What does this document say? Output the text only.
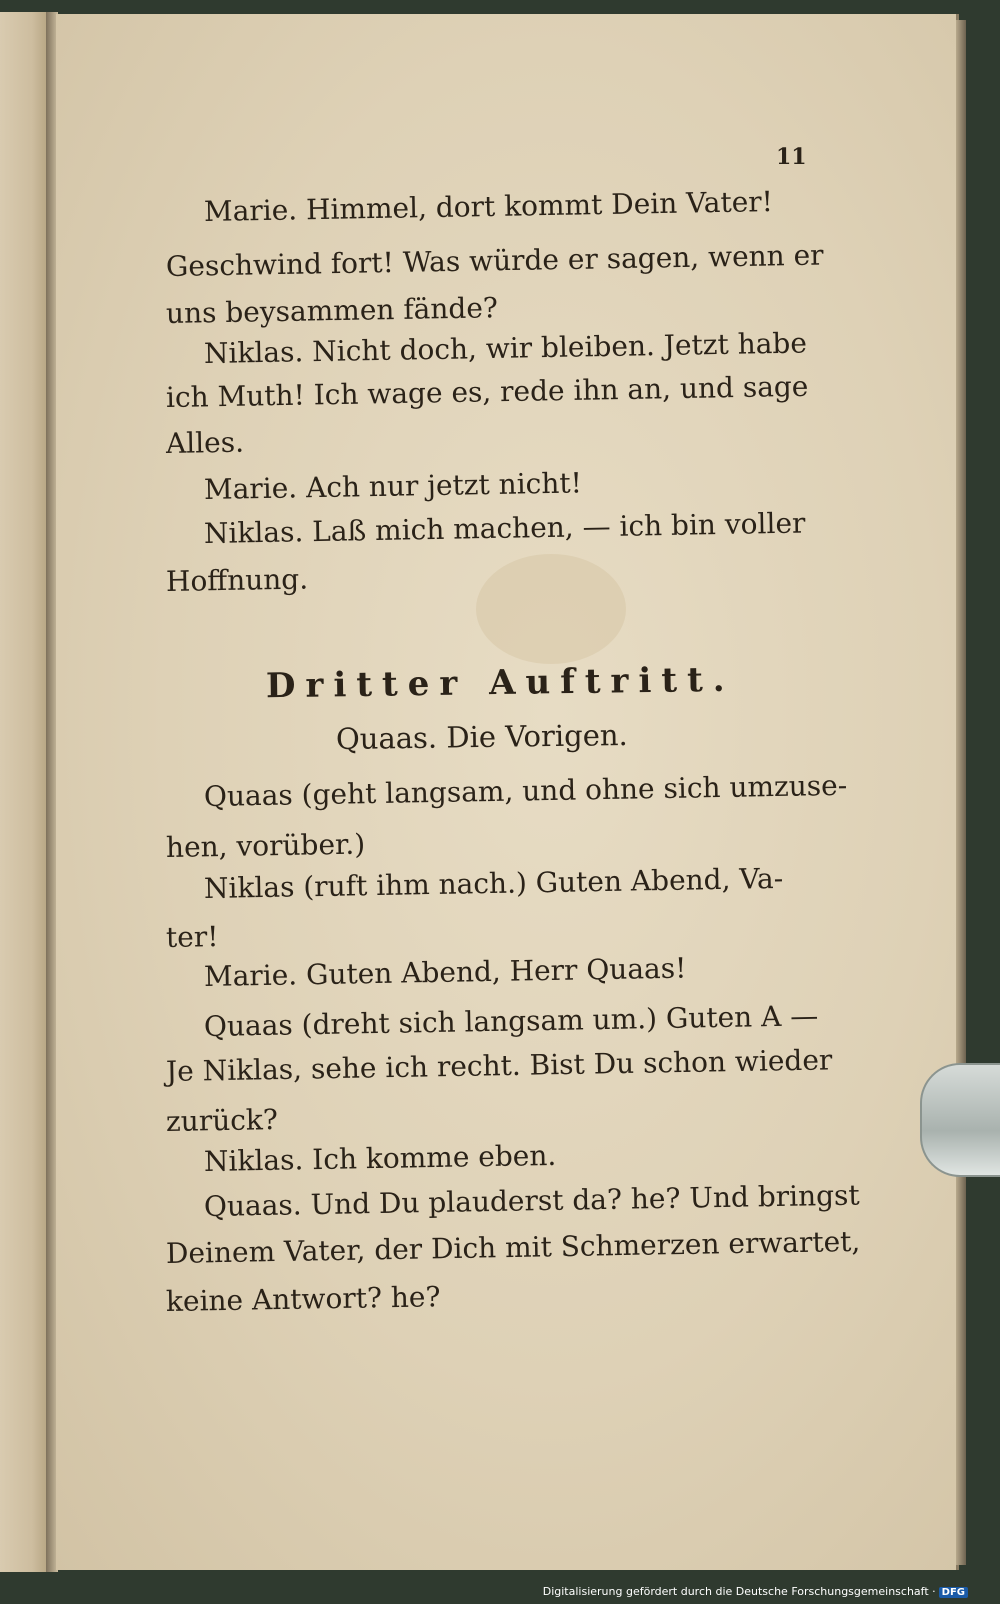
11
Marie. Himmel, dort kommt Dein Vater!
Geschwind fort! Was würde er sagen, wenn er
uns beysammen fände?
Niklas. Nicht doch, wir bleiben. Jetzt habe
ich Muth! Ich wage es, rede ihn an, und sage
Alles.
Marie. Ach nur jetzt nicht!
Niklas. Laß mich machen, — ich bin voller
Hoffnung.
Dritter Auftritt.
Quaas. Die Vorigen.
Quaas (geht langsam, und ohne sich umzuse-
hen, vorüber.)
Niklas (ruft ihm nach.) Guten Abend, Va-
ter!
Marie. Guten Abend, Herr Quaas!
Quaas (dreht sich langsam um.) Guten A —
Je Niklas, sehe ich recht. Bist Du schon wieder
zurück?
Niklas. Ich komme eben.
Quaas. Und Du plauderst da? he? Und bringst
Deinem Vater, der Dich mit Schmerzen erwartet,
keine Antwort? he?
Digitalisierung gefördert durch die Deutsche Forschungsgemeinschaft · DFG
